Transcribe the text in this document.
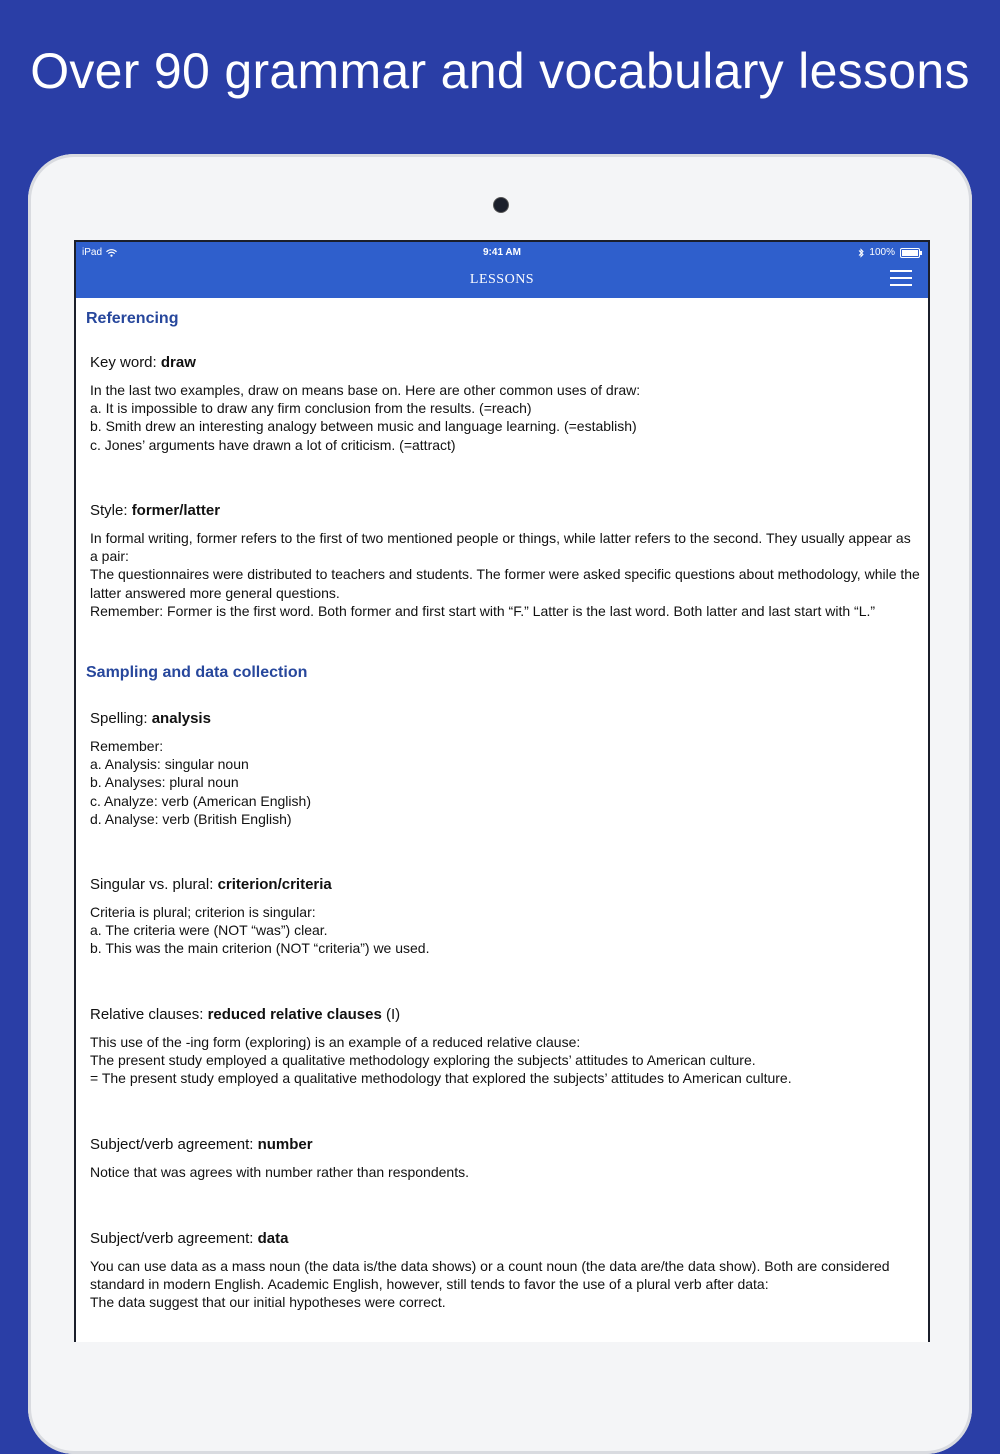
Over 90 grammar and vocabulary lessons
iPad	9:41 AM	100%
LESSONS
Referencing
Key word: draw

In the last two examples, draw on means base on. Here are other common uses of draw:

a. It is impossible to draw any firm conclusion from the results. (=reach)

b. Smith drew an interesting analogy between music and language learning. (=establish)

c. Jones’ arguments have drawn a lot of criticism. (=attract)

Style: former/latter

In formal writing, former refers to the first of two mentioned people or things, while latter refers to the second. They usually appear as a pair:

The questionnaires were distributed to teachers and students. The former were asked specific questions about methodology, while the latter answered more general questions.

Remember: Former is the first word. Both former and first start with “F.” Latter is the last word. Both latter and last start with “L.”

Sampling and data collection
Spelling: analysis

Remember:

a. Analysis: singular noun

b. Analyses: plural noun

c. Analyze: verb (American English)

d. Analyse: verb (British English)

Singular vs. plural: criterion/criteria

Criteria is plural; criterion is singular:

a. The criteria were (NOT “was”) clear.

b. This was the main criterion (NOT “criteria”) we used.

Relative clauses: reduced relative clauses (I)

This use of the -ing form (exploring) is an example of a reduced relative clause:

The present study employed a qualitative methodology exploring the subjects’ attitudes to American culture.

= The present study employed a qualitative methodology that explored the subjects’ attitudes to American culture.

Subject/verb agreement: number

Notice that was agrees with number rather than respondents.

Subject/verb agreement: data

You can use data as a mass noun (the data is/the data shows) or a count noun (the data are/the data show). Both are considered standard in modern English. Academic English, however, still tends to favor the use of a plural verb after data:

The data suggest that our initial hypotheses were correct.
